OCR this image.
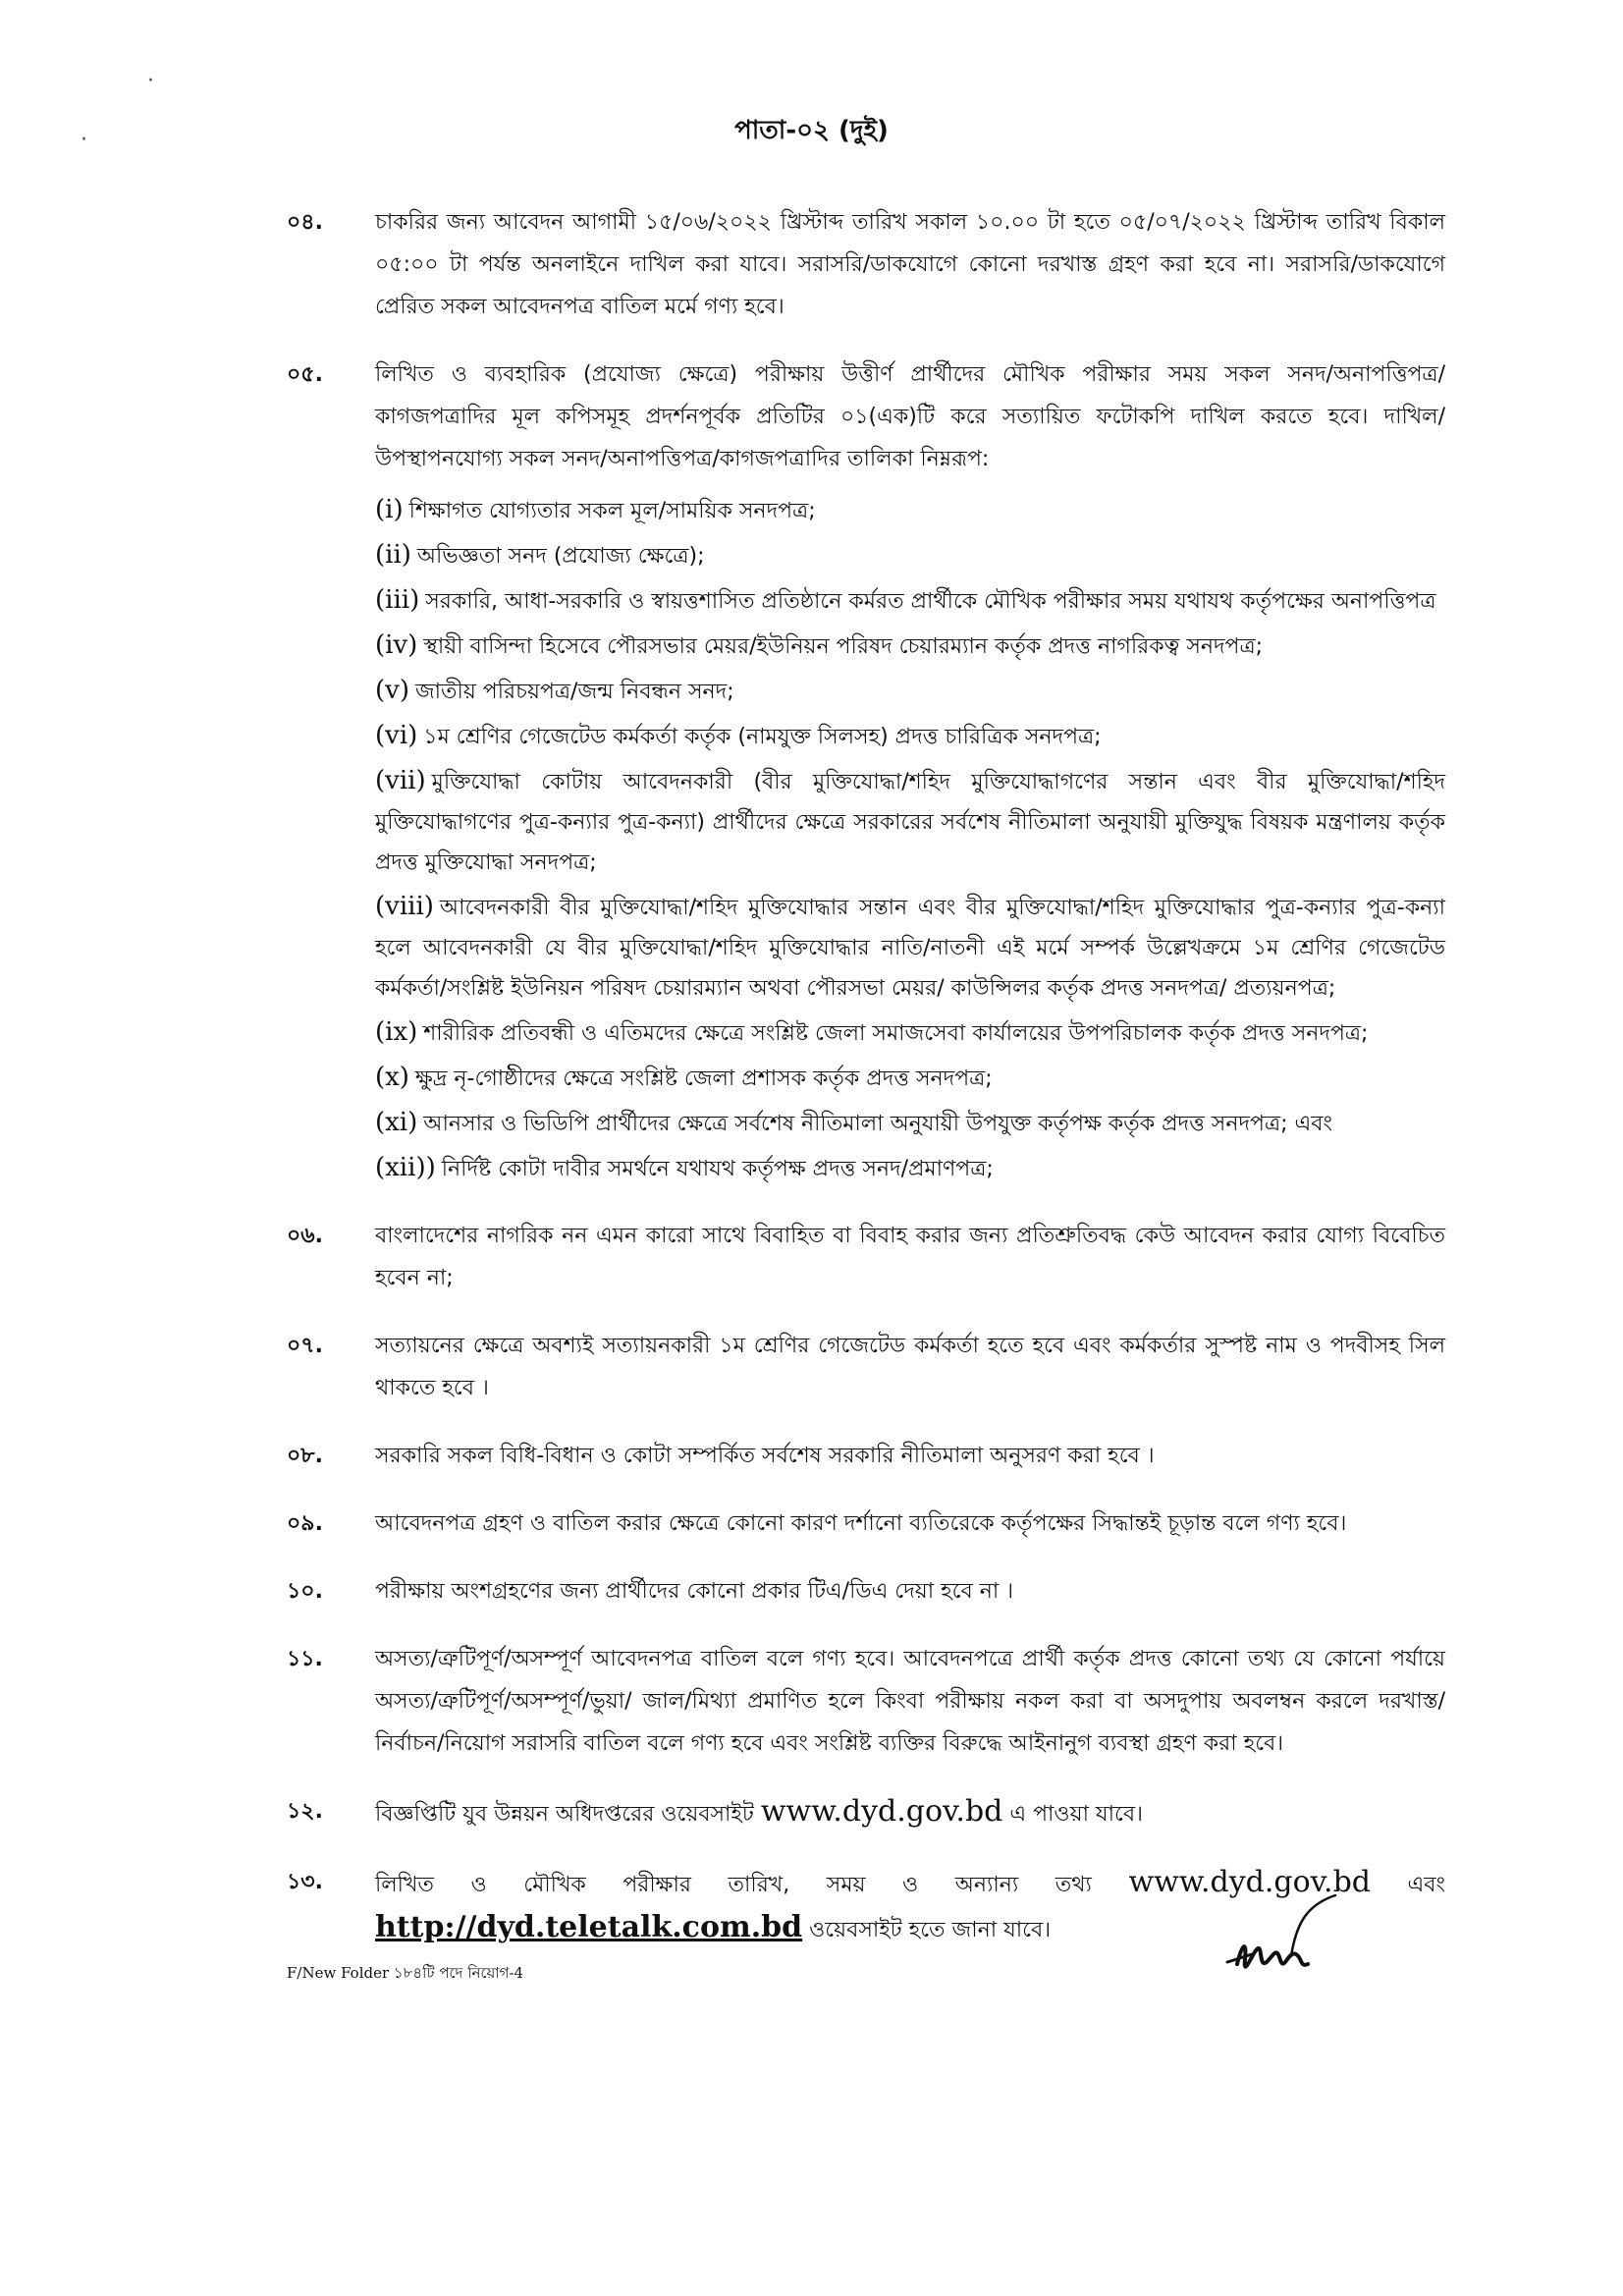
·
·	পাতা-০২ (দুই)
০৪. চাকরির জন্য আবেদন আগামী ১৫/০৬/২০২২ খ্রিস্টাব্দ তারিখ সকাল ১০.০০ টা হতে ০৫/০৭/২০২২ খ্রিস্টাব্দ তারিখ বিকাল ০৫:০০ টা পর্যন্ত অনলাইনে দাখিল করা যাবে। সরাসরি/ডাকযোগে কোনো দরখাস্ত গ্রহণ করা হবে না। সরাসরি/ডাকযোগে প্রেরিত সকল আবেদনপত্র বাতিল মর্মে গণ্য হবে।
০৫. লিখিত ও ব্যবহারিক (প্রযোজ্য ক্ষেত্রে) পরীক্ষায় উত্তীর্ণ প্রার্থীদের মৌখিক পরীক্ষার সময় সকল সনদ/অনাপত্তিপত্র/ কাগজপত্রাদির মূল কপিসমূহ প্রদর্শনপূর্বক প্রতিটির ০১(এক)টি করে সত্যায়িত ফটোকপি দাখিল করতে হবে। দাখিল/উপস্থাপনযোগ্য সকল সনদ/অনাপত্তিপত্র/কাগজপত্রাদির তালিকা নিম্নরূপ:
(i) শিক্ষাগত যোগ্যতার সকল মূল/সাময়িক সনদপত্র;
(ii) অভিজ্ঞতা সনদ (প্রযোজ্য ক্ষেত্রে);
(iii) সরকারি, আধা-সরকারি ও স্বায়ত্তশাসিত প্রতিষ্ঠানে কর্মরত প্রার্থীকে মৌখিক পরীক্ষার সময় যথাযথ কর্তৃপক্ষের অনাপত্তিপত্র
(iv) স্থায়ী বাসিন্দা হিসেবে পৌরসভার মেয়র/ইউনিয়ন পরিষদ চেয়ারম্যান কর্তৃক প্রদত্ত নাগরিকত্ব সনদপত্র;
(v) জাতীয় পরিচয়পত্র/জন্ম নিবন্ধন সনদ;
(vi) ১ম শ্রেণির গেজেটেড কর্মকর্তা কর্তৃক (নামযুক্ত সিলসহ) প্রদত্ত চারিত্রিক সনদপত্র;
(vii) মুক্তিযোদ্ধা কোটায় আবেদনকারী (বীর মুক্তিযোদ্ধা/শহিদ মুক্তিযোদ্ধাগণের সন্তান এবং বীর মুক্তিযোদ্ধা/শহিদ মুক্তিযোদ্ধাগণের পুত্র-কন্যার পুত্র-কন্যা) প্রার্থীদের ক্ষেত্রে সরকারের সর্বশেষ নীতিমালা অনুযায়ী মুক্তিযুদ্ধ বিষয়ক মন্ত্রণালয় কর্তৃক প্রদত্ত মুক্তিযোদ্ধা সনদপত্র;
(viii) আবেদনকারী বীর মুক্তিযোদ্ধা/শহিদ মুক্তিযোদ্ধার সন্তান এবং বীর মুক্তিযোদ্ধা/শহিদ মুক্তিযোদ্ধার পুত্র-কন্যার পুত্র-কন্যা হলে আবেদনকারী যে বীর মুক্তিযোদ্ধা/শহিদ মুক্তিযোদ্ধার নাতি/নাতনী এই মর্মে সম্পর্ক উল্লেখক্রমে ১ম শ্রেণির গেজেটেড কর্মকর্তা/সংশ্লিষ্ট ইউনিয়ন পরিষদ চেয়ারম্যান অথবা পৌরসভা মেয়র/ কাউন্সিলর কর্তৃক প্রদত্ত সনদপত্র/ প্রত্যয়নপত্র;
(ix) শারীরিক প্রতিবন্ধী ও এতিমদের ক্ষেত্রে সংশ্লিষ্ট জেলা সমাজসেবা কার্যালয়ের উপপরিচালক কর্তৃক প্রদত্ত সনদপত্র;
(x) ক্ষুদ্র নৃ-গোষ্ঠীদের ক্ষেত্রে সংশ্লিষ্ট জেলা প্রশাসক কর্তৃক প্রদত্ত সনদপত্র;
(xi) আনসার ও ভিডিপি প্রার্থীদের ক্ষেত্রে সর্বশেষ নীতিমালা অনুযায়ী উপযুক্ত কর্তৃপক্ষ কর্তৃক প্রদত্ত সনদপত্র; এবং
(xii)) নির্দিষ্ট কোটা দাবীর সমর্থনে যথাযথ কর্তৃপক্ষ প্রদত্ত সনদ/প্রমাণপত্র;
০৬. বাংলাদেশের নাগরিক নন এমন কারো সাথে বিবাহিত বা বিবাহ করার জন্য প্রতিশ্রুতিবদ্ধ কেউ আবেদন করার যোগ্য বিবেচিত হবেন না;
০৭. সত্যায়নের ক্ষেত্রে অবশ্যই সত্যায়নকারী ১ম শ্রেণির গেজেটেড কর্মকর্তা হতে হবে এবং কর্মকর্তার সুস্পষ্ট নাম ও পদবীসহ সিল থাকতে হবে ।
০৮. সরকারি সকল বিধি-বিধান ও কোটা সম্পর্কিত সর্বশেষ সরকারি নীতিমালা অনুসরণ করা হবে ।
০৯. আবেদনপত্র গ্রহণ ও বাতিল করার ক্ষেত্রে কোনো কারণ দর্শানো ব্যতিরেকে কর্তৃপক্ষের সিদ্ধান্তই চূড়ান্ত বলে গণ্য হবে।
১০. পরীক্ষায় অংশগ্রহণের জন্য প্রার্থীদের কোনো প্রকার টিএ/ডিএ দেয়া হবে না ।
১১. অসত্য/ত্রুটিপূর্ণ/অসম্পূর্ণ আবেদনপত্র বাতিল বলে গণ্য হবে। আবেদনপত্রে প্রার্থী কর্তৃক প্রদত্ত কোনো তথ্য যে কোনো পর্যায়ে অসত্য/ত্রুটিপূর্ণ/অসম্পূর্ণ/ভুয়া/ জাল/মিথ্যা প্রমাণিত হলে কিংবা পরীক্ষায় নকল করা বা অসদুপায় অবলম্বন করলে দরখাস্ত/নির্বাচন/নিয়োগ সরাসরি বাতিল বলে গণ্য হবে এবং সংশ্লিষ্ট ব্যক্তির বিরুদ্ধে আইনানুগ ব্যবস্থা গ্রহণ করা হবে।
১২. বিজ্ঞপ্তিটি যুব উন্নয়ন অধিদপ্তরের ওয়েবসাইট www.dyd.gov.bd এ পাওয়া যাবে।
১৩. লিখিত ও মৌখিক পরীক্ষার তারিখ, সময় ও অন্যান্য তথ্য www.dyd.gov.bd এবং http://dyd.teletalk.com.bd ওয়েবসাইট হতে জানা যাবে।
F/New Folder ১৮৪টি পদে নিয়োগ-4
